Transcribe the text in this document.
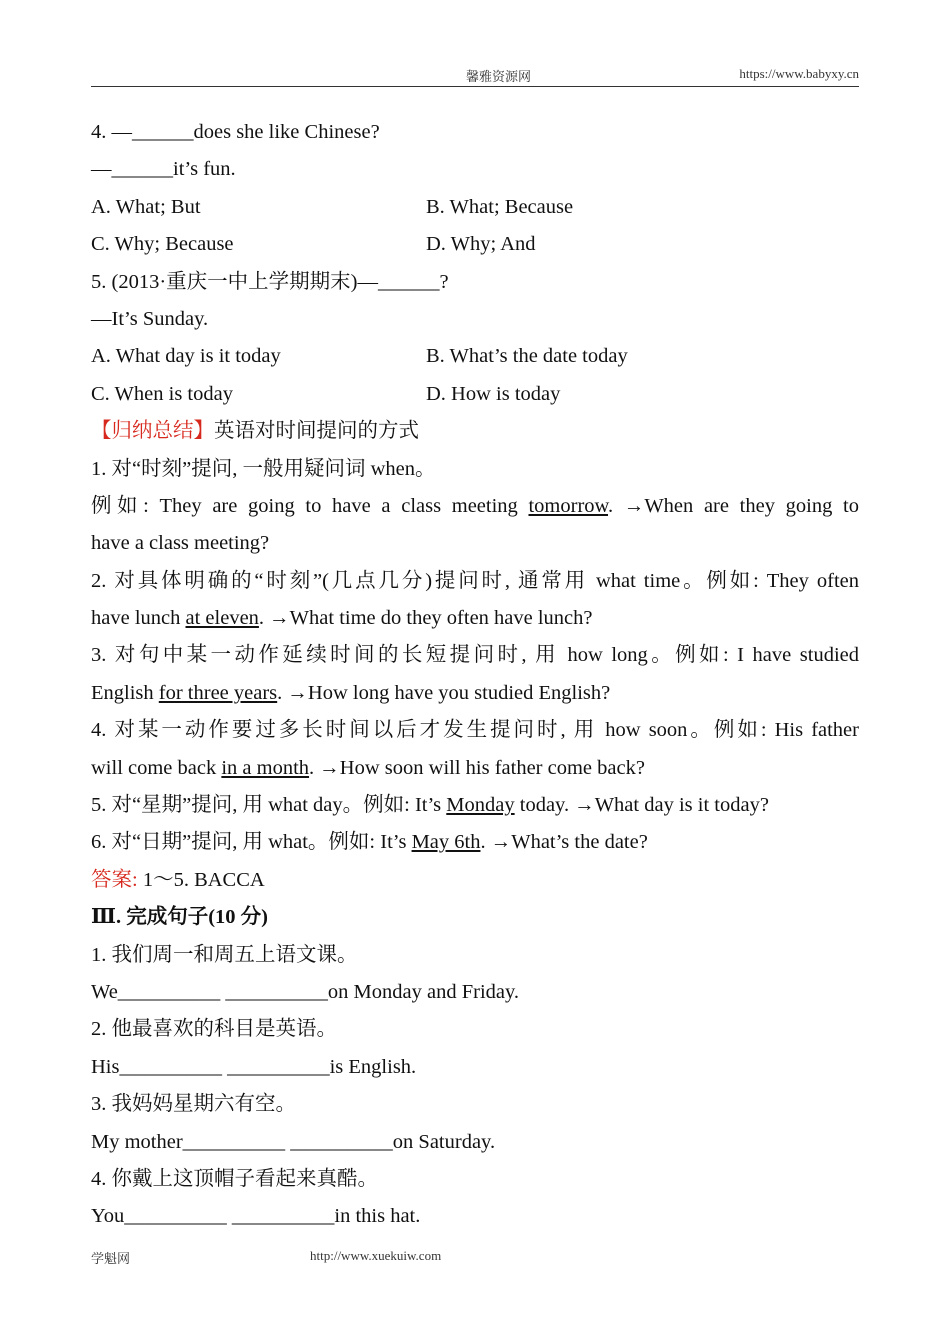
馨雅资源网	https://www.babyxy.cn
4. —______does she like Chinese?
—______it’s fun.
A. What; But	B. What; Because
C. Why; Because	D. Why; And
5. (2013·重庆一中上学期期末)—______?
—It’s Sunday.
A. What day is it today	B. What’s the date today
C. When is today	D. How is today
【归纳总结】英语对时间提问的方式
1. 对“时刻”提问, 一般用疑问词 when。
例如: They are going to have a class meeting tomorrow. →When are they going to
have a class meeting?
2. 对具体明确的“时刻”(几点几分)提问时, 通常用 what time。例如: They often
have lunch at eleven. →What time do they often have lunch?
3. 对句中某一动作延续时间的长短提问时, 用 how long。例如: I have studied
English for three years. →How long have you studied English?
4. 对某一动作要过多长时间以后才发生提问时, 用 how soon。例如: His father
will come back in a month. →How soon will his father come back?
5. 对“星期”提问, 用 what day。例如: It’s Monday today. →What day is it today?
6. 对“日期”提问, 用 what。例如: It’s May 6th. →What’s the date?
答案: 1～5. BACCA
Ⅲ. 完成句子(10 分)
1. 我们周一和周五上语文课。
We__________ __________on Monday and Friday.
2. 他最喜欢的科目是英语。
His__________ __________is English.
3. 我妈妈星期六有空。
My mother__________ __________on Saturday.
4. 你戴上这顶帽子看起来真酷。
You__________ __________in this hat.
学魁网	http://www.xuekuiw.com
